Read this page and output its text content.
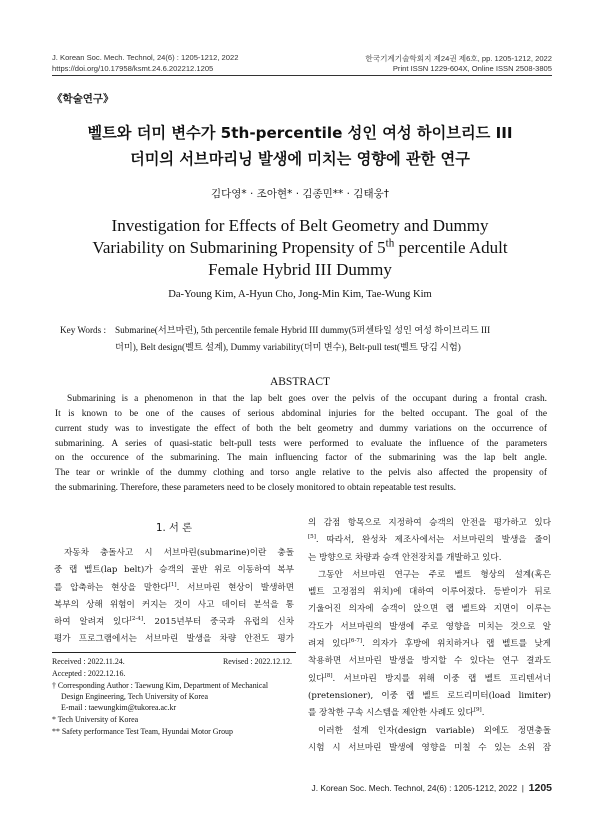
J. Korean Soc. Mech. Technol, 24(6) : 1205-1212, 2022
https://doi.org/10.17958/ksmt.24.6.202212.1205
한국기계기술학회지 제24권 제6호, pp. 1205-1212, 2022
Print ISSN 1229-604X, Online ISSN 2508-3805
《학술연구》
벨트와 더미 변수가 5th-percentile 성인 여성 하이브리드 III
더미의 서브마리닝 발생에 미치는 영향에 관한 연구
김다영* · 조아현* · 김종민** · 김태웅†
Investigation for Effects of Belt Geometry and Dummy
Variability on Submarining Propensity of 5th percentile Adult
Female Hybrid III Dummy
Da-Young Kim, A-Hyun Cho, Jong-Min Kim, Tae-Wung Kim
Key Words : Submarine(서브마린), 5th percentile female Hybrid III dummy(5퍼센타일 성인 여성 하이브리드 III
더미), Belt design(벨트 설계), Dummy variability(더미 변수), Belt-pull test(벨트 당김 시험)
ABSTRACT
Submarining is a phenomenon in that the lap belt goes over the pelvis of the occupant during a frontal crash.
It is known to be one of the causes of serious abdominal injuries for the belted occupant. The goal of the
current study was to investigate the effect of both the belt geometry and dummy variations on the occurrence of
submarining. A series of quasi-static belt-pull tests were performed to evaluate the influence of the parameters
on the occurence of the submarining. The main influencing factor of the submarining was the lap belt angle.
The tear or wrinkle of the dummy clothing and torso angle relative to the pelvis also affected the propensity of
the submarining. Therefore, these parameters need to be closely monitored to obtain repeatable test results.
1. 서 론
자동차 충돌사고 시 서브마린(submarine)이란 충돌
중 랩 벨트(lap belt)가 승객의 골반 위로 이동하여 복부
를 압축하는 현상을 말한다[1]. 서브마린 현상이 발생하면
복부의 상해 위험이 커지는 것이 사고 데이터 분석을 통
하여 알려져 있다[2-4]. 2015년부터 중국과 유럽의 신차
평가 프로그램에서는 서브마린 발생을 차량 안전도 평가
Received : 2022.11.24.	Revised : 2022.12.12.
Accepted : 2022.12.16.
† Corresponding Author : Taewung Kim, Department of Mechanical
Design Engineering, Tech University of Korea
E-mail : taewungkim@tukorea.ac.kr
* Tech University of Korea
** Safety performance Test Team, Hyundai Motor Group
의 감점 항목으로 지정하여 승객의 안전을 평가하고 있다
[5]. 따라서, 완성차 제조사에서는 서브마린의 발생을 줄이
는 방향으로 차량과 승객 안전장치를 개발하고 있다.
그동안 서브마린 연구는 주로 벨트 형상의 설계(혹은
벨트 고정점의 위치)에 대하여 이루어졌다. 등받이가 뒤로
기울어진 의자에 승객이 앉으면 랩 벨트와 지면이 이루는
각도가 서브마린의 발생에 주로 영향을 미치는 것으로 알
려져 있다[6-7]. 의자가 후방에 위치하거나 랩 벨트를 낮게
착용하면 서브마린 발생을 방지할 수 있다는 연구 결과도
있다[8]. 서브마린 방지를 위해 이중 랩 벨트 프리텐셔너
(pretensioner), 이중 랩 벨트 로드리미터(load limiter)
를 장착한 구속 시스템을 제안한 사례도 있다[9].
이러한 설계 인자(design variable) 외에도 정면충돌
시험 시 서브마린 발생에 영향을 미칠 수 있는 소위 잠
J. Korean Soc. Mech. Technol, 24(6) : 1205-1212, 2022  |  1205
